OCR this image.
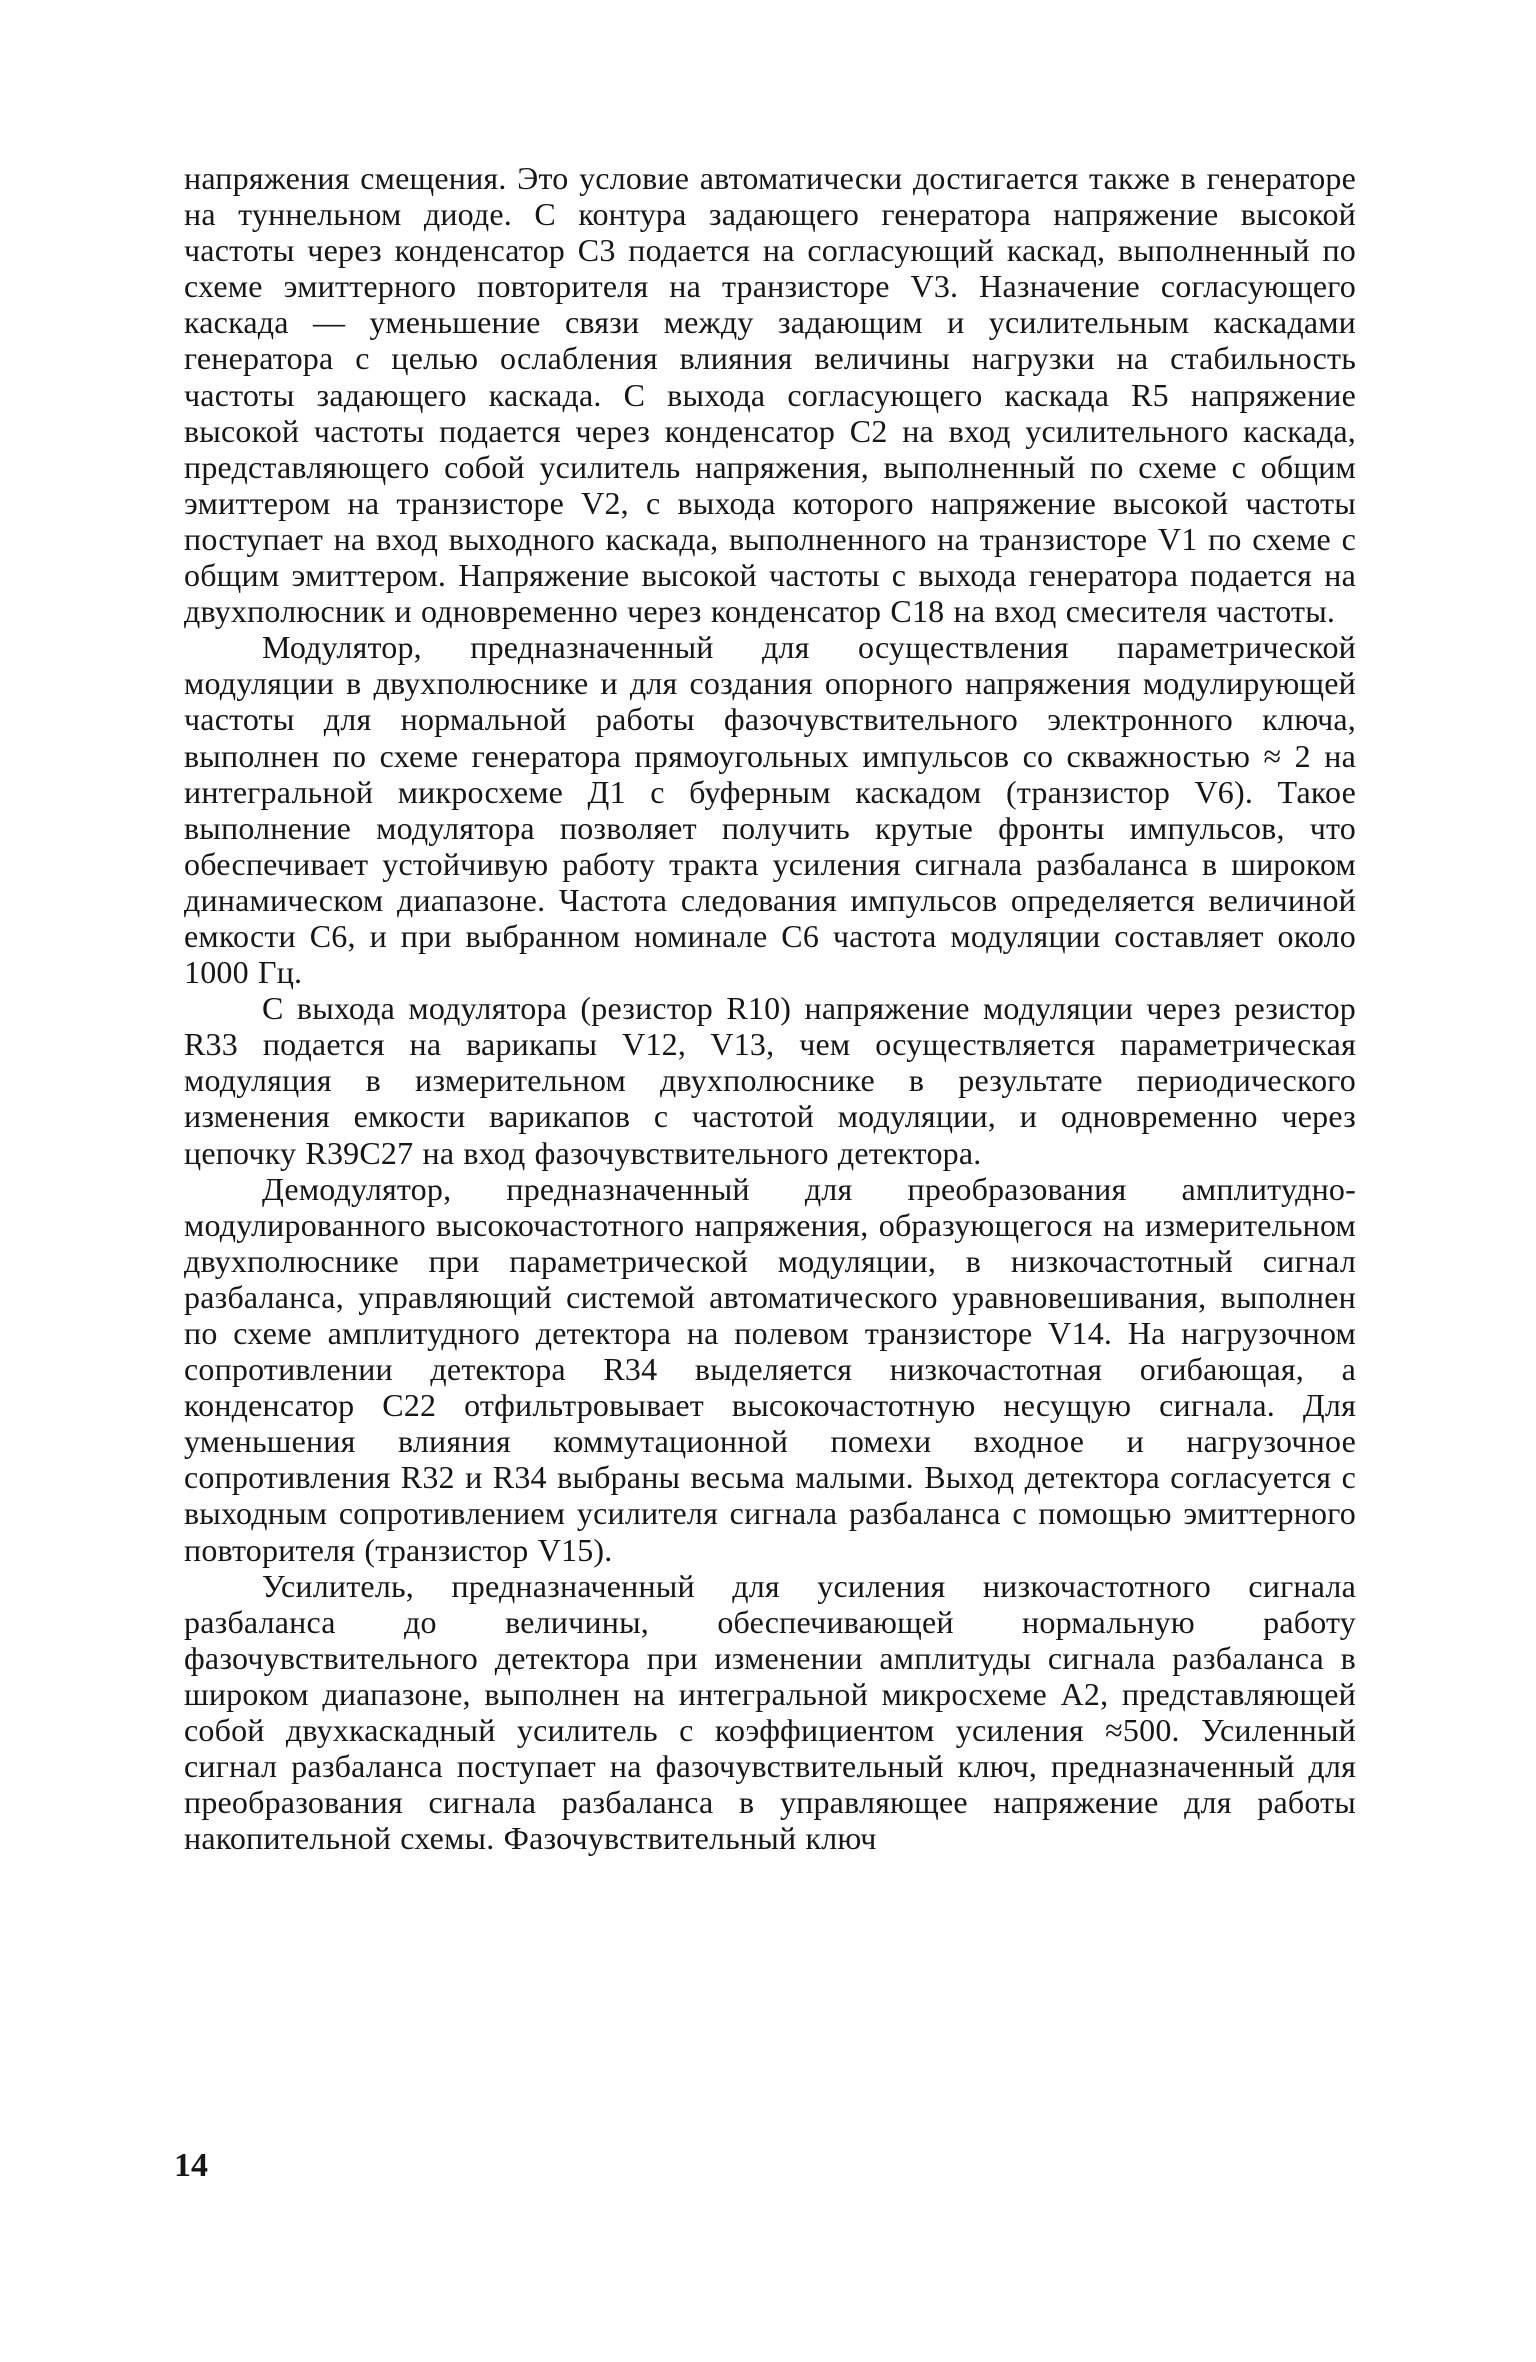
напряжения смещения. Это условие автоматически достигается также в генераторе на туннельном диоде. С контура задающего генератора напряжение высокой частоты через конденсатор C3 подается на согласующий каскад, выполненный по схеме эмиттерного повторителя на транзисторе V3. Назначение согласующего каскада — уменьшение связи между задающим и усилительным каскадами генератора с целью ослабления влияния величины нагрузки на стабильность частоты задающего каскада. С выхода согласующего каскада R5 напряжение высокой частоты подается через конденсатор C2 на вход усилительного каскада, представляющего собой усилитель напряжения, выполненный по схеме с общим эмиттером на транзисторе V2, с выхода которого напряжение высокой частоты поступает на вход выходного каскада, выполненного на транзисторе V1 по схеме с общим эмиттером. Напряжение высокой частоты с выхода генератора подается на двухполюсник и одновременно через конденсатор C18 на вход смесителя частоты.

Модулятор, предназначенный для осуществления параметрической модуляции в двухполюснике и для создания опорного напряжения модулирующей частоты для нормальной работы фазочувствительного электронного ключа, выполнен по схеме генератора прямоугольных импульсов со скважностью ≈ 2 на интегральной микросхеме Д1 с буферным каскадом (транзистор V6). Такое выполнение модулятора позволяет получить крутые фронты импульсов, что обеспечивает устойчивую работу тракта усиления сигнала разбаланса в широком динамическом диапазоне. Частота следования импульсов определяется величиной емкости C6, и при выбранном номинале C6 частота модуляции составляет около 1000 Гц.

С выхода модулятора (резистор R10) напряжение модуляции через резистор R33 подается на варикапы V12, V13, чем осуществляется параметрическая модуляция в измерительном двухполюснике в результате периодического изменения емкости варикапов с частотой модуляции, и одновременно через цепочку R39C27 на вход фазочувствительного детектора.

Демодулятор, предназначенный для преобразования амплитудно-модулированного высокочастотного напряжения, образующегося на измерительном двухполюснике при параметрической модуляции, в низкочастотный сигнал разбаланса, управляющий системой автоматического уравновешивания, выполнен по схеме амплитудного детектора на полевом транзисторе V14. На нагрузочном сопротивлении детектора R34 выделяется низкочастотная огибающая, а конденсатор C22 отфильтровывает высокочастотную несущую сигнала. Для уменьшения влияния коммутационной помехи входное и нагрузочное сопротивления R32 и R34 выбраны весьма малыми. Выход детектора согласуется с выходным сопротивлением усилителя сигнала разбаланса с помощью эмиттерного повторителя (транзистор V15).

Усилитель, предназначенный для усиления низкочастотного сигнала разбаланса до величины, обеспечивающей нормальную работу фазочувствительного детектора при изменении амплитуды сигнала разбаланса в широком диапазоне, выполнен на интегральной микросхеме A2, представляющей собой двухкаскадный усилитель с коэффициентом усиления ≈500. Усиленный сигнал разбаланса поступает на фазочувствительный ключ, предназначенный для преобразования сигнала разбаланса в управляющее напряжение для работы накопительной схемы. Фазочувствительный ключ

14
